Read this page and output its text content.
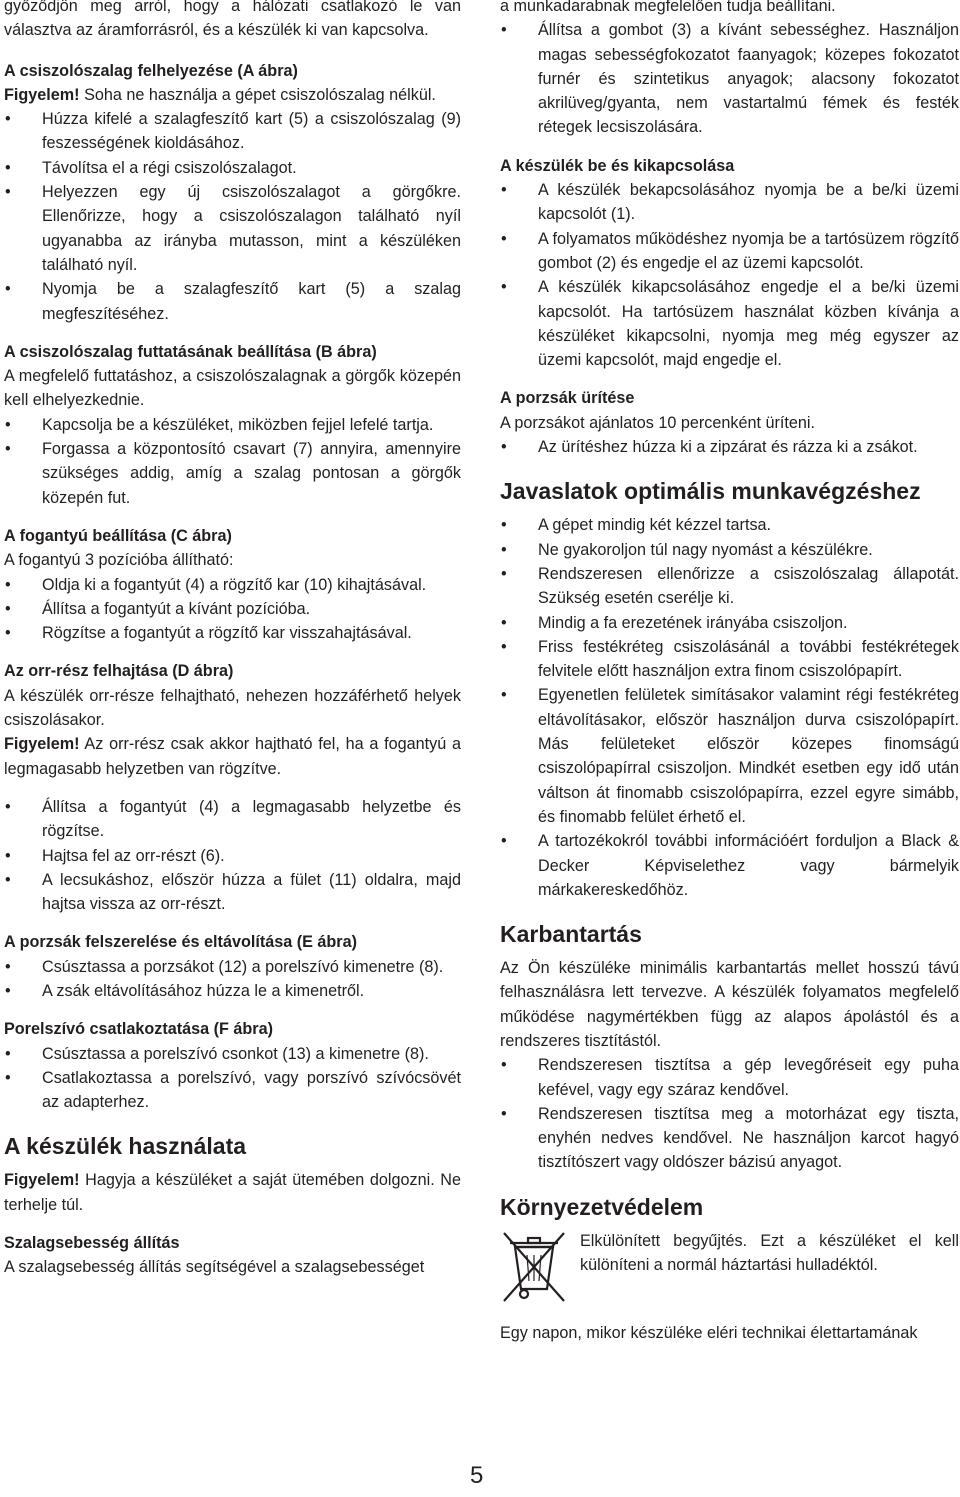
győződjön meg arról, hogy a hálózati csatlakozó le van választva az áramforrásról, és a készülék ki van kapcsolva.

A csiszolószalag felhelyezése (A ábra)

Figyelem! Soha ne használja a gépet csiszolószalag nélkül.

• Húzza kifelé a szalagfeszítő kart (5) a csiszolószalag (9) feszességének kioldásához.
• Távolítsa el a régi csiszolószalagot.
• Helyezzen egy új csiszolószalagot a görgőkre. Ellenőrizze, hogy a csiszolószalagon található nyíl ugyanabba az irányba mutasson, mint a készüléken található nyíl.
• Nyomja be a szalagfeszítő kart (5) a szalag megfeszítéséhez.

A csiszolószalag futtatásának beállítása (B ábra)

A megfelelő futtatáshoz, a csiszolószalagnak a görgők közepén kell elhelyezkednie.

• Kapcsolja be a készüléket, miközben fejjel lefelé tartja.
• Forgassa a központosító csavart (7) annyira, amennyire szükséges addig, amíg a szalag pontosan a görgők közepén fut.

A fogantyú beállítása (C ábra)

A fogantyú 3 pozícióba állítható:

• Oldja ki a fogantyút (4) a rögzítő kar (10) kihajtásával.
• Állítsa a fogantyút a kívánt pozícióba.
• Rögzítse a fogantyút a rögzítő kar visszahajtásával.

Az orr-rész felhajtása (D ábra)

A készülék orr-része felhajtható, nehezen hozzáférhető helyek csiszolásakor.

Figyelem! Az orr-rész csak akkor hajtható fel, ha a fogantyú a legmagasabb helyzetben van rögzítve.

• Állítsa a fogantyút (4) a legmagasabb helyzetbe és rögzítse.
• Hajtsa fel az orr-részt (6).
• A lecsukáshoz, először húzza a fület (11) oldalra, majd hajtsa vissza az orr-részt.

A porzsák felszerelése és eltávolítása (E ábra)

• Csúsztassa a porzsákot (12) a porelszívó kimenetre (8).
• A zsák eltávolításához húzza le a kimenetről.

Porelszívó csatlakoztatása (F ábra)

• Csúsztassa a porelszívó csonkot (13) a kimenetre (8).
• Csatlakoztassa a porelszívó, vagy porszívó szívócsövét az adapterhez.

A készülék használata

Figyelem! Hagyja a készüléket a saját ütemében dolgozni. Ne terhelje túl.

Szalagsebesség állítás

A szalagsebesség állítás segítségével a szalagsebességet

a munkadarabnak megfelelően tudja beállítani.

• Állítsa a gombot (3) a kívánt sebességhez. Használjon magas sebességfokozatot faanyagok; közepes fokozatot furnér és szintetikus anyagok; alacsony fokozatot akrilüveg/gyanta, nem vastartalmú fémek és festék rétegek lecsiszolására.

A készülék be és kikapcsolása

• A készülék bekapcsolásához nyomja be a be/ki üzemi kapcsolót (1).
• A folyamatos működéshez nyomja be a tartósüzem rögzítő gombot (2) és engedje el az üzemi kapcsolót.
• A készülék kikapcsolásához engedje el a be/ki üzemi kapcsolót. Ha tartósüzem használat közben kívánja a készüléket kikapcsolni, nyomja meg még egyszer az üzemi kapcsolót, majd engedje el.

A porzsák ürítése

A porzsákot ajánlatos 10 percenként üríteni.

• Az ürítéshez húzza ki a zipzárat és rázza ki a zsákot.

Javaslatok optimális munkavégzéshez

• A gépet mindig két kézzel tartsa.
• Ne gyakoroljon túl nagy nyomást a készülékre.
• Rendszeresen ellenőrizze a csiszolószalag állapotát. Szükség esetén cserélje ki.
• Mindig a fa erezetének irányába csiszoljon.
• Friss festékréteg csiszolásánál a további festékrétegek felvitele előtt használjon extra finom csiszolópapírt.
• Egyenetlen felületek simításakor valamint régi festékréteg eltávolításakor, először használjon durva csiszolópapírt. Más felületeket először közepes finomságú csiszolópapírral csiszoljon. Mindkét esetben egy idő után váltson át finomabb csiszolópapírra, ezzel egyre simább, és finomabb felület érhető el.
• A tartozékokról további információért forduljon a Black & Decker Képviselethez vagy bármelyik márkakereskedőhöz.

Karbantartás

Az Ön készüléke minimális karbantartás mellet hosszú távú felhasználásra lett tervezve. A készülék folyamatos megfelelő működése nagymértékben függ az alapos ápolástól és a rendszeres tisztítástól.

• Rendszeresen tisztítsa a gép levegőréseit egy puha kefével, vagy egy száraz kendővel.
• Rendszeresen tisztítsa meg a motorházat egy tiszta, enyhén nedves kendővel. Ne használjon karcot hagyó tisztítószert vagy oldószer bázisú anyagot.

Környezetvédelem

Elkülönített begyűjtés. Ezt a készüléket el kell különíteni a normál háztartási hulladéktól.

Egy napon, mikor készüléke eléri technikai élettartamának

5
